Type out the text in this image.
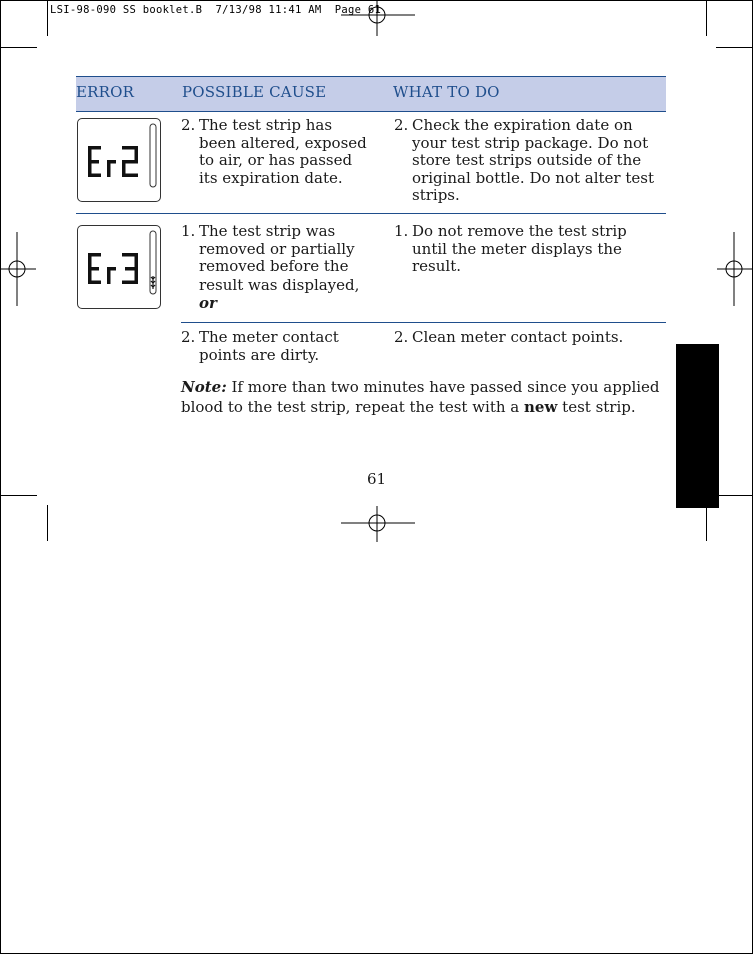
LSI-98-090 SS booklet.B  7/13/98 11:41 AM  Page 61
ERROR	POSSIBLE CAUSE	WHAT TO DO
2. The test strip has
been altered, exposed
to air, or has passed
its expiration date.
2. Check the expiration date on
your test strip package. Do not
store test strips outside of the
original bottle. Do not alter test
strips.
1. The test strip was
removed or partially
removed before the
result was displayed,
or
1. Do not remove the test strip
until the meter displays the
result.
2. The meter contact
points are dirty.
2. Clean meter contact points.
Note: If more than two minutes have passed since you applied blood to the test strip, repeat the test with a new test strip.
61
